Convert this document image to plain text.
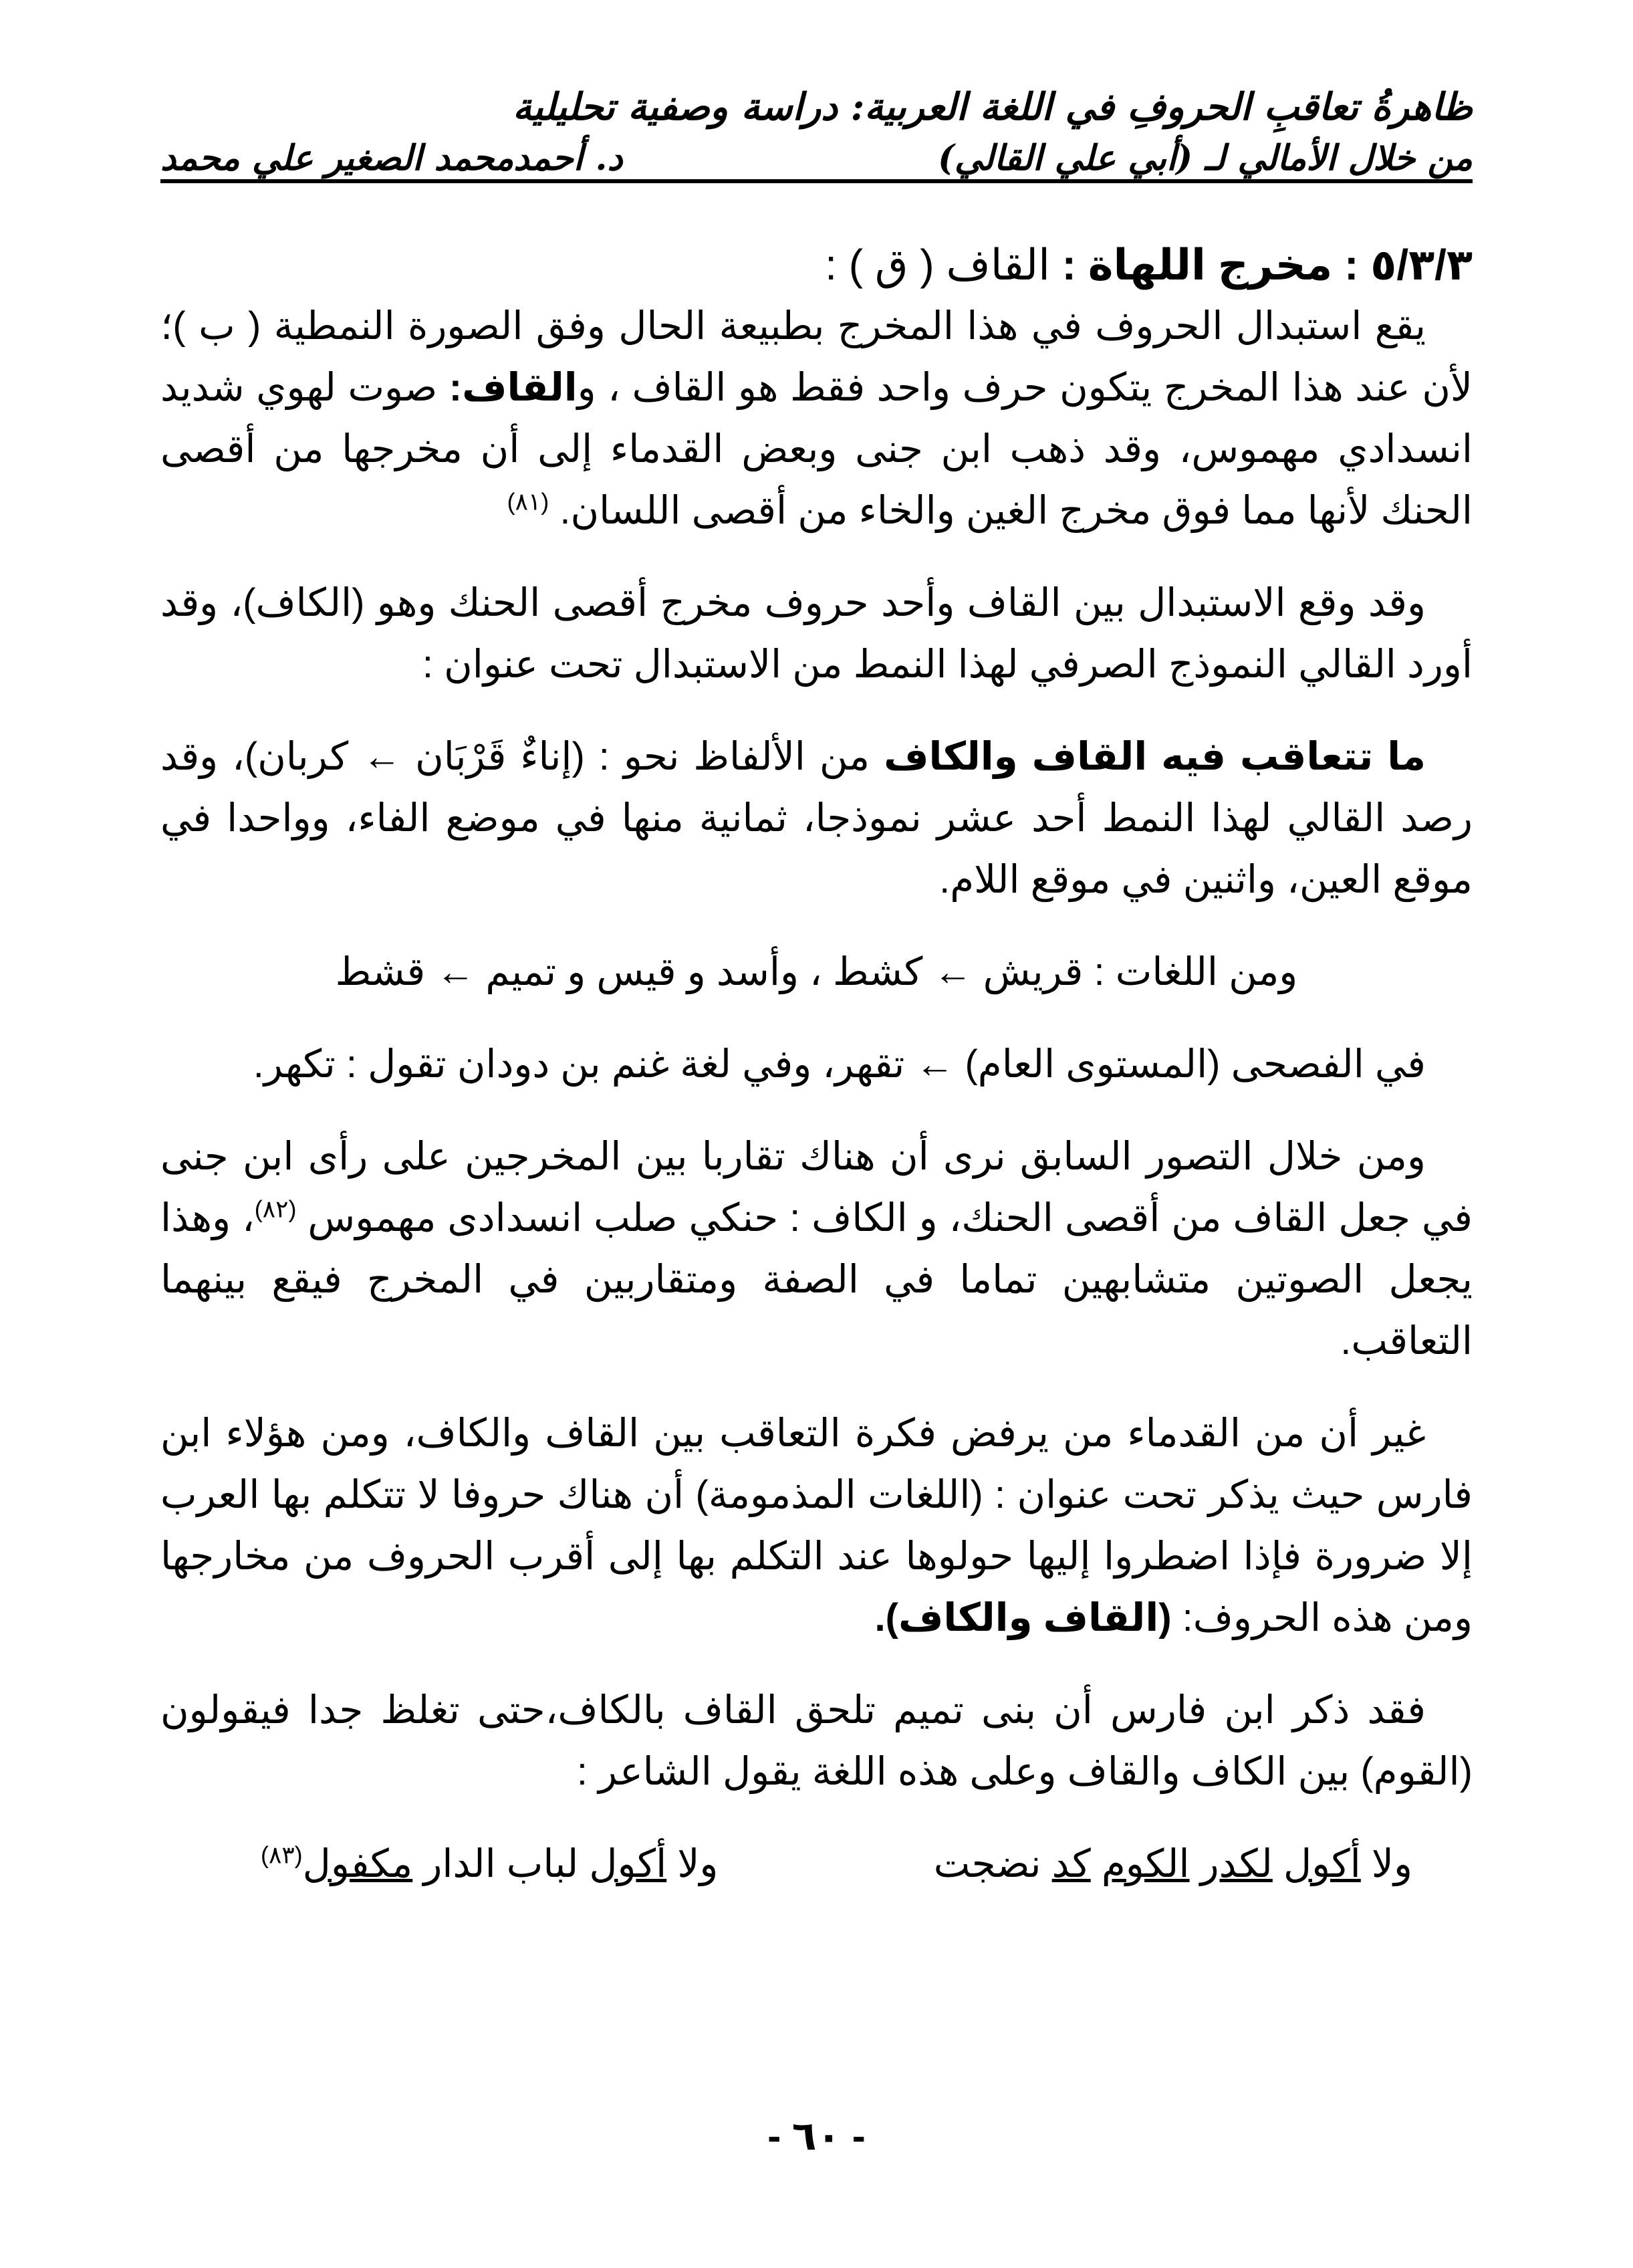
ظاهرةُ تعاقبِ الحروفِ في اللغة العربية: دراسة وصفية تحليلية
من خلال الأمالي لـ (أبي علي القالي)
د. أحمدمحمد الصغير علي محمد
٥/٣/٣ : مخرج اللهاة : القاف ( ق ) :

يقع استبدال الحروف في هذا المخرج بطبيعة الحال وفق الصورة النمطية ( ب )؛ لأن عند هذا المخرج يتكون حرف واحد فقط هو القاف ، والقاف: صوت لهوي شديد انسدادي مهموس، وقد ذهب ابن جنى وبعض القدماء إلى أن مخرجها من أقصى الحنك لأنها مما فوق مخرج الغين والخاء من أقصى اللسان. $^{(٨١)}$

وقد وقع الاستبدال بين القاف وأحد حروف مخرج أقصى الحنك وهو (الكاف)، وقد أورد القالي النموذج الصرفي لهذا النمط من الاستبدال تحت عنوان :

ما تتعاقب فيه القاف والكاف من الألفاظ نحو : (إناءٌ قَرْبَان ← كربان)، وقد رصد القالي لهذا النمط أحد عشر نموذجا، ثمانية منها في موضع الفاء، وواحدا في موقع العين، واثنين في موقع اللام.

ومن اللغات : قريش ← كشط ، وأسد و قيس و تميم ← قشط

في الفصحى (المستوى العام) ← تقهر، وفي لغة غنم بن دودان تقول : تكهر.

ومن خلال التصور السابق نرى أن هناك تقاربا بين المخرجين على رأى ابن جنى في جعل القاف من أقصى الحنك، و الكاف : حنكي صلب انسدادى مهموس $^{(٨٢)}$، وهذا يجعل الصوتين متشابهين تماما في الصفة ومتقاربين في المخرج فيقع بينهما التعاقب.

غير أن من القدماء من يرفض فكرة التعاقب بين القاف والكاف، ومن هؤلاء ابن فارس حيث يذكر تحت عنوان : (اللغات المذمومة) أن هناك حروفا لا تتكلم بها العرب إلا ضرورة فإذا اضطروا إليها حولوها عند التكلم بها إلى أقرب الحروف من مخارجها ومن هذه الحروف: (القاف والكاف).

فقد ذكر ابن فارس أن بنى تميم تلحق القاف بالكاف،حتى تغلظ جدا فيقولون (القوم) بين الكاف والقاف وعلى هذه اللغة يقول الشاعر :

ولا أكول لكدر الكوم كد نضجت
ولا أكول لباب الدار مكفول$^{(٨٣)}$
- ٦٠ -
